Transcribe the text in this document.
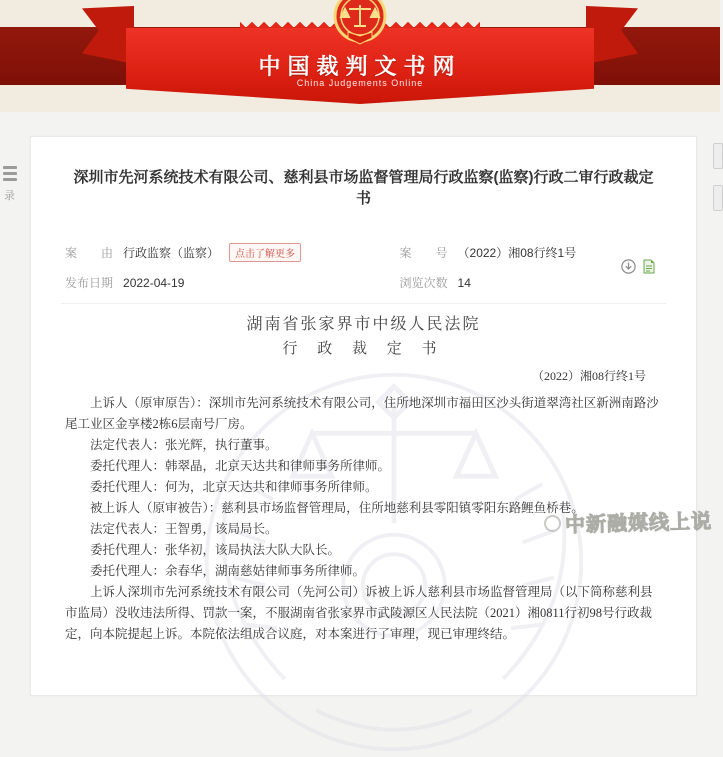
中国裁判文书网
China Judgements Online
录
深圳市先河系统技术有限公司、慈利县市场监督管理局行政监察(监察)行政二审行政裁定书
案　　由 行政监察（监察）	点击了解更多	案　　号 （2022）湘08行终1号
发布日期 2022-04-19	浏览次数 14
湖南省张家界市中级人民法院
行 政 裁 定 书
（2022）湘08行终1号

上诉人（原审原告）：深圳市先河系统技术有限公司，住所地深圳市福田区沙头街道翠湾社区新洲南路沙尾工业区金享楼2栋6层南号厂房。

法定代表人：张光辉，执行董事。

委托代理人：韩翠晶，北京天达共和律师事务所律师。

委托代理人：何为，北京天达共和律师事务所律师。

被上诉人（原审被告）：慈利县市场监督管理局，住所地慈利县零阳镇零阳东路鲤鱼桥巷。

法定代表人：王智勇，该局局长。

委托代理人：张华初，该局执法大队大队长。

委托代理人：余春华，湖南慈姑律师事务所律师。

上诉人深圳市先河系统技术有限公司（先河公司）诉被上诉人慈利县市场监督管理局（以下简称慈利县市监局）没收违法所得、罚款一案，不服湖南省张家界市武陵源区人民法院（2021）湘0811行初98号行政裁定，向本院提起上诉。本院依法组成合议庭，对本案进行了审理，现已审理终结。
